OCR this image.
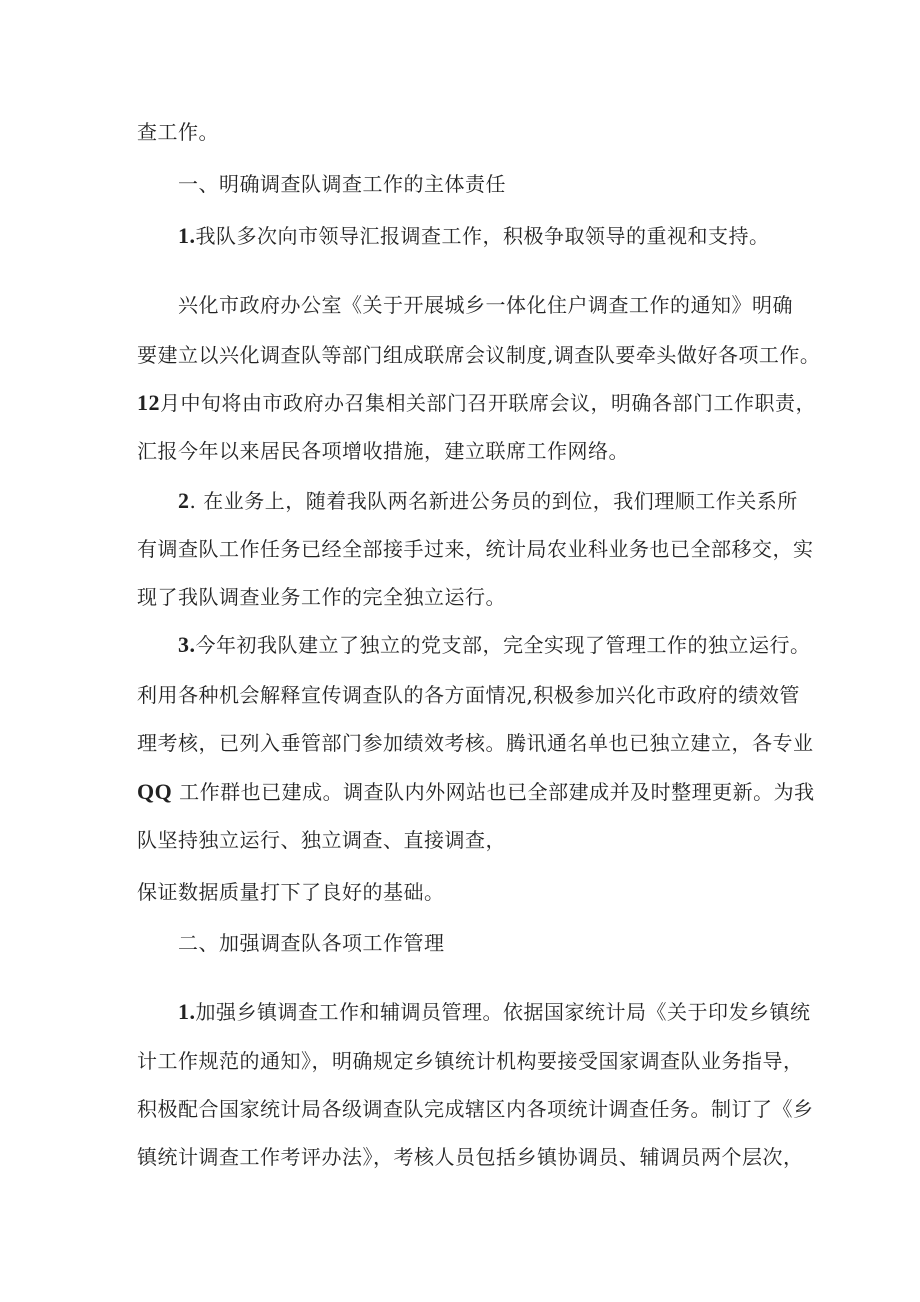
查工作。
一、明确调查队调查工作的主体责任
1.我队多次向市领导汇报调查工作，积极争取领导的重视和支持。
兴化市政府办公室《关于开展城乡一体化住户调查工作的通知》明确
要建立以兴化调查队等部门组成联席会议制度,调查队要牵头做好各项工作。
12月中旬将由市政府办召集相关部门召开联席会议，明确各部门工作职责，
汇报今年以来居民各项增收措施，建立联席工作网络。
2. 在业务上，随着我队两名新进公务员的到位，我们理顺工作关系所
有调查队工作任务已经全部接手过来，统计局农业科业务也已全部移交，实
现了我队调查业务工作的完全独立运行。
3.今年初我队建立了独立的党支部，完全实现了管理工作的独立运行。
利用各种机会解释宣传调查队的各方面情况,积极参加兴化市政府的绩效管
理考核，已列入垂管部门参加绩效考核。腾讯通名单也已独立建立，各专业
QQ 工作群也已建成。调查队内外网站也已全部建成并及时整理更新。为我
队坚持独立运行、独立调查、直接调查，
保证数据质量打下了良好的基础。
二、加强调查队各项工作管理
1.加强乡镇调查工作和辅调员管理。依据国家统计局《关于印发乡镇统
计工作规范的通知》，明确规定乡镇统计机构要接受国家调查队业务指导，
积极配合国家统计局各级调查队完成辖区内各项统计调查任务。制订了《乡
镇统计调查工作考评办法》，考核人员包括乡镇协调员、辅调员两个层次，
